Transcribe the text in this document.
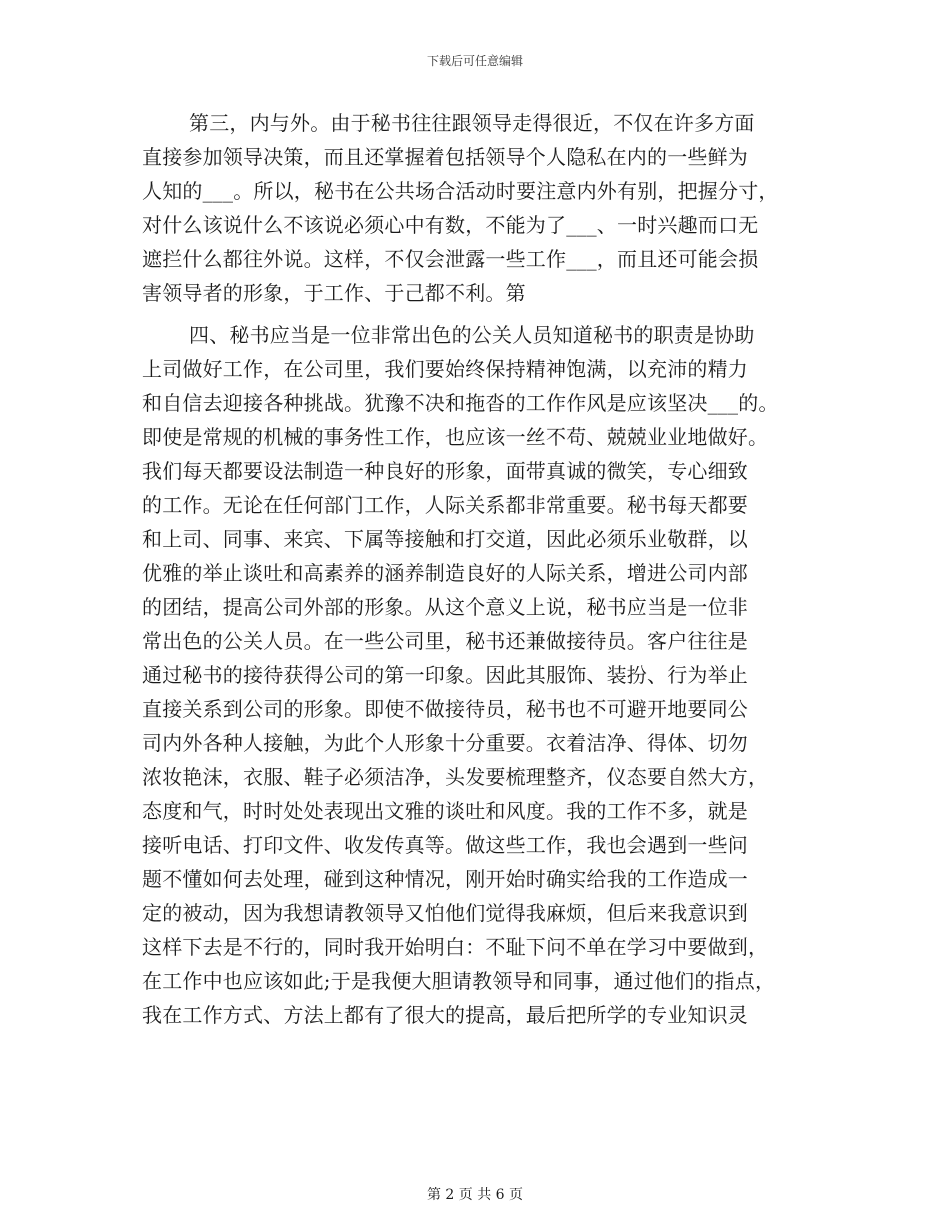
下载后可任意编辑
第三，内与外。由于秘书往往跟领导走得很近，不仅在许多方面
直接参加领导决策，而且还掌握着包括领导个人隐私在内的一些鲜为
人知的___。所以，秘书在公共场合活动时要注意内外有别，把握分寸，
对什么该说什么不该说必须心中有数，不能为了___、一时兴趣而口无
遮拦什么都往外说。这样，不仅会泄露一些工作___，而且还可能会损
害领导者的形象，于工作、于己都不利。第
四、秘书应当是一位非常出色的公关人员知道秘书的职责是协助
上司做好工作，在公司里，我们要始终保持精神饱满，以充沛的精力
和自信去迎接各种挑战。犹豫不决和拖沓的工作作风是应该坚决___的。
即使是常规的机械的事务性工作，也应该一丝不苟、兢兢业业地做好。
我们每天都要设法制造一种良好的形象，面带真诚的微笑，专心细致
的工作。无论在任何部门工作，人际关系都非常重要。秘书每天都要
和上司、同事、来宾、下属等接触和打交道，因此必须乐业敬群，以
优雅的举止谈吐和高素养的涵养制造良好的人际关系，增进公司内部
的团结，提高公司外部的形象。从这个意义上说，秘书应当是一位非
常出色的公关人员。在一些公司里，秘书还兼做接待员。客户往往是
通过秘书的接待获得公司的第一印象。因此其服饰、装扮、行为举止
直接关系到公司的形象。即使不做接待员，秘书也不可避开地要同公
司内外各种人接触，为此个人形象十分重要。衣着洁净、得体、切勿
浓妆艳沫，衣服、鞋子必须洁净，头发要梳理整齐，仪态要自然大方，
态度和气，时时处处表现出文雅的谈吐和风度。我的工作不多，就是
接听电话、打印文件、收发传真等。做这些工作，我也会遇到一些问
题不懂如何去处理，碰到这种情况，刚开始时确实给我的工作造成一
定的被动，因为我想请教领导又怕他们觉得我麻烦，但后来我意识到
这样下去是不行的，同时我开始明白：不耻下问不单在学习中要做到，
在工作中也应该如此;于是我便大胆请教领导和同事，通过他们的指点，
我在工作方式、方法上都有了很大的提高，最后把所学的专业知识灵
第 2 页 共 6 页
